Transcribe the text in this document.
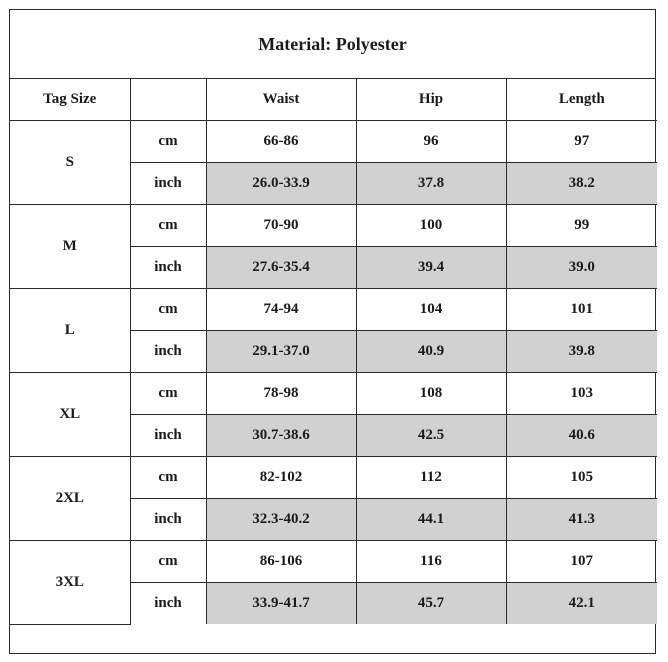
Material: Polyester
Tag Size		Waist	Hip	Length
S	cm	66-86	96	97
	inch	26.0-33.9	37.8	38.2
M	cm	70-90	100	99
	inch	27.6-35.4	39.4	39.0
L	cm	74-94	104	101
	inch	29.1-37.0	40.9	39.8
XL	cm	78-98	108	103
	inch	30.7-38.6	42.5	40.6
2XL	cm	82-102	112	105
	inch	32.3-40.2	44.1	41.3
3XL	cm	86-106	116	107
	inch	33.9-41.7	45.7	42.1
